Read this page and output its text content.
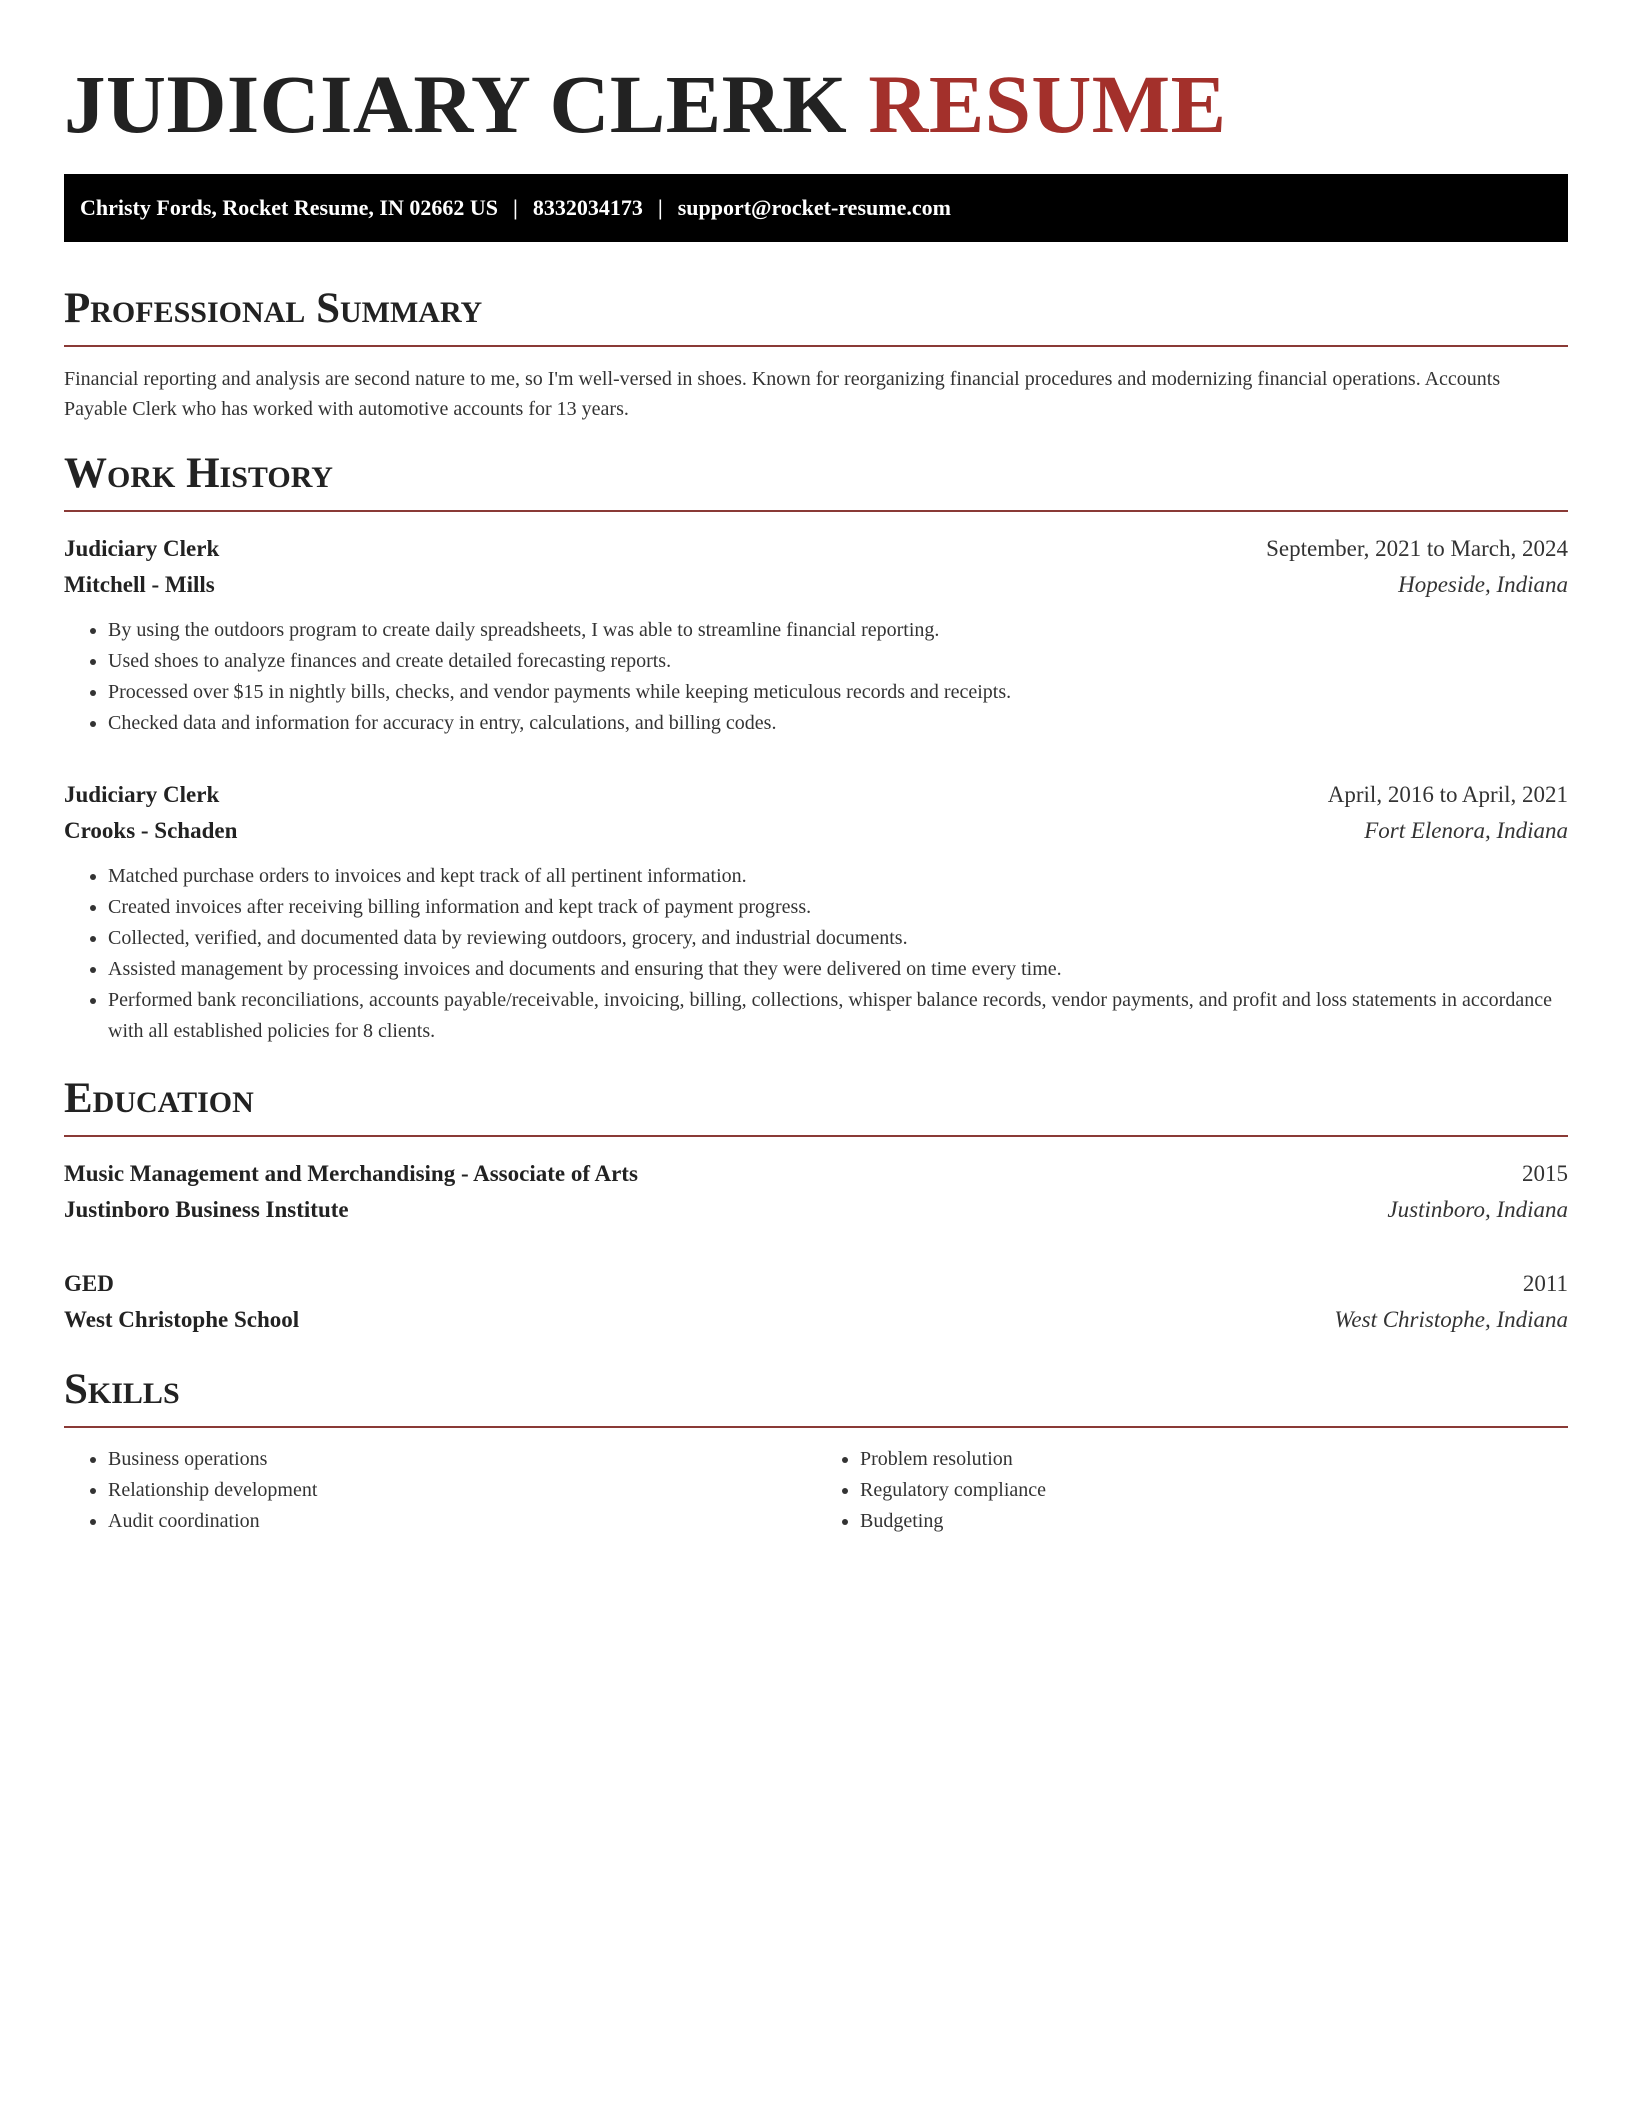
JUDICIARY CLERK RESUME
Christy Fords, Rocket Resume, IN 02662 US | 8332034173 | support@rocket-resume.com
Professional Summary

Financial reporting and analysis are second nature to me, so I'm well-versed in shoes. Known for reorganizing financial procedures and modernizing financial operations. Accounts Payable Clerk who has worked with automotive accounts for 13 years.

Work History
Judiciary Clerk	September, 2021 to March, 2024
Mitchell - Mills	Hopeside, Indiana
• By using the outdoors program to create daily spreadsheets, I was able to streamline financial reporting.
• Used shoes to analyze finances and create detailed forecasting reports.
• Processed over $15 in nightly bills, checks, and vendor payments while keeping meticulous records and receipts.
• Checked data and information for accuracy in entry, calculations, and billing codes.
Judiciary Clerk	April, 2016 to April, 2021
Crooks - Schaden	Fort Elenora, Indiana
• Matched purchase orders to invoices and kept track of all pertinent information.
• Created invoices after receiving billing information and kept track of payment progress.
• Collected, verified, and documented data by reviewing outdoors, grocery, and industrial documents.
• Assisted management by processing invoices and documents and ensuring that they were delivered on time every time.
• Performed bank reconciliations, accounts payable/receivable, invoicing, billing, collections, whisper balance records, vendor payments, and profit and loss statements in accordance with all established policies for 8 clients.
Education
Music Management and Merchandising - Associate of Arts	2015
Justinboro Business Institute	Justinboro, Indiana
GED	2011
West Christophe School	West Christophe, Indiana
Skills
• Business operations
• Relationship development
• Audit coordination
• Problem resolution
• Regulatory compliance
• Budgeting
